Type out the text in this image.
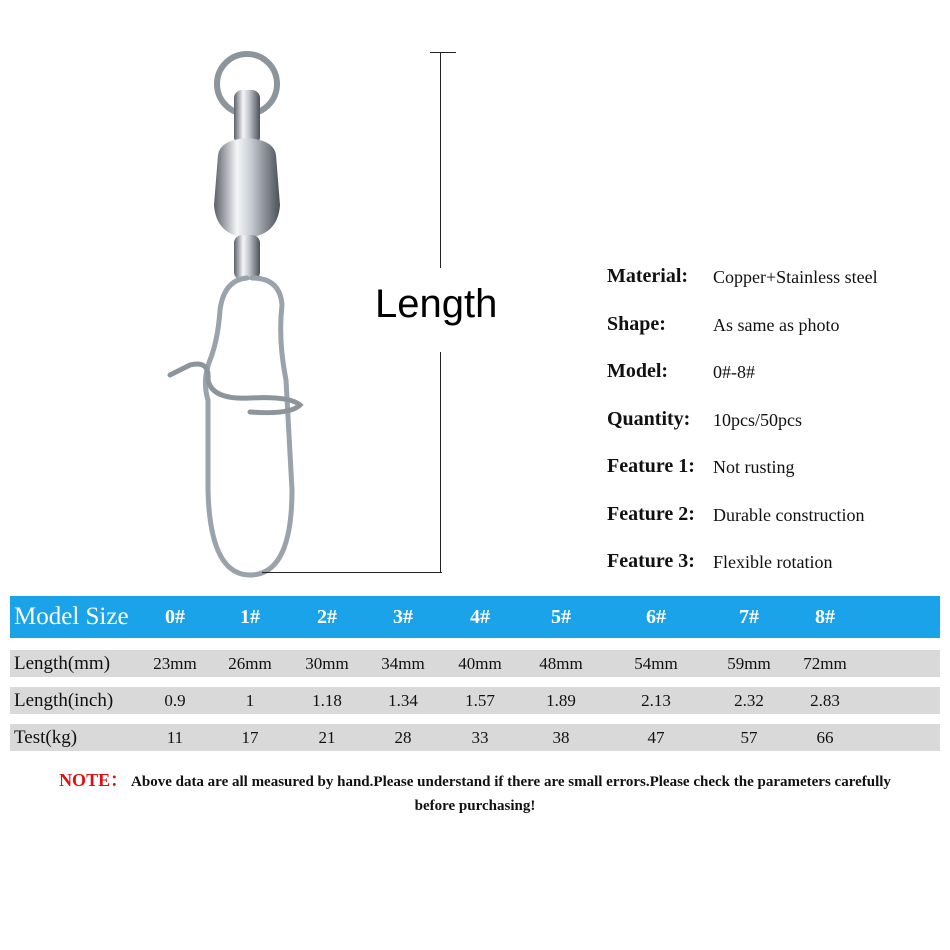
Length
Material:	Copper+Stainless steel
Shape:	As same as photo
Model:	0#-8#
Quantity:	10pcs/50pcs
Feature 1:	Not rusting
Feature 2:	Durable construction
Feature 3:	Flexible rotation
Model Size	0#	1#	2#	3#	4#	5#	6#	7#	8#
Length(mm)	23mm	26mm	30mm	34mm	40mm	48mm	54mm	59mm	72mm
Length(inch)	0.9	1	1.18	1.34	1.57	1.89	2.13	2.32	2.83
Test(kg)	11	17	21	28	33	38	47	57	66
NOTE： Above data are all measured by hand.Please understand if there are small errors.Please check the parameters carefully
before purchasing!
